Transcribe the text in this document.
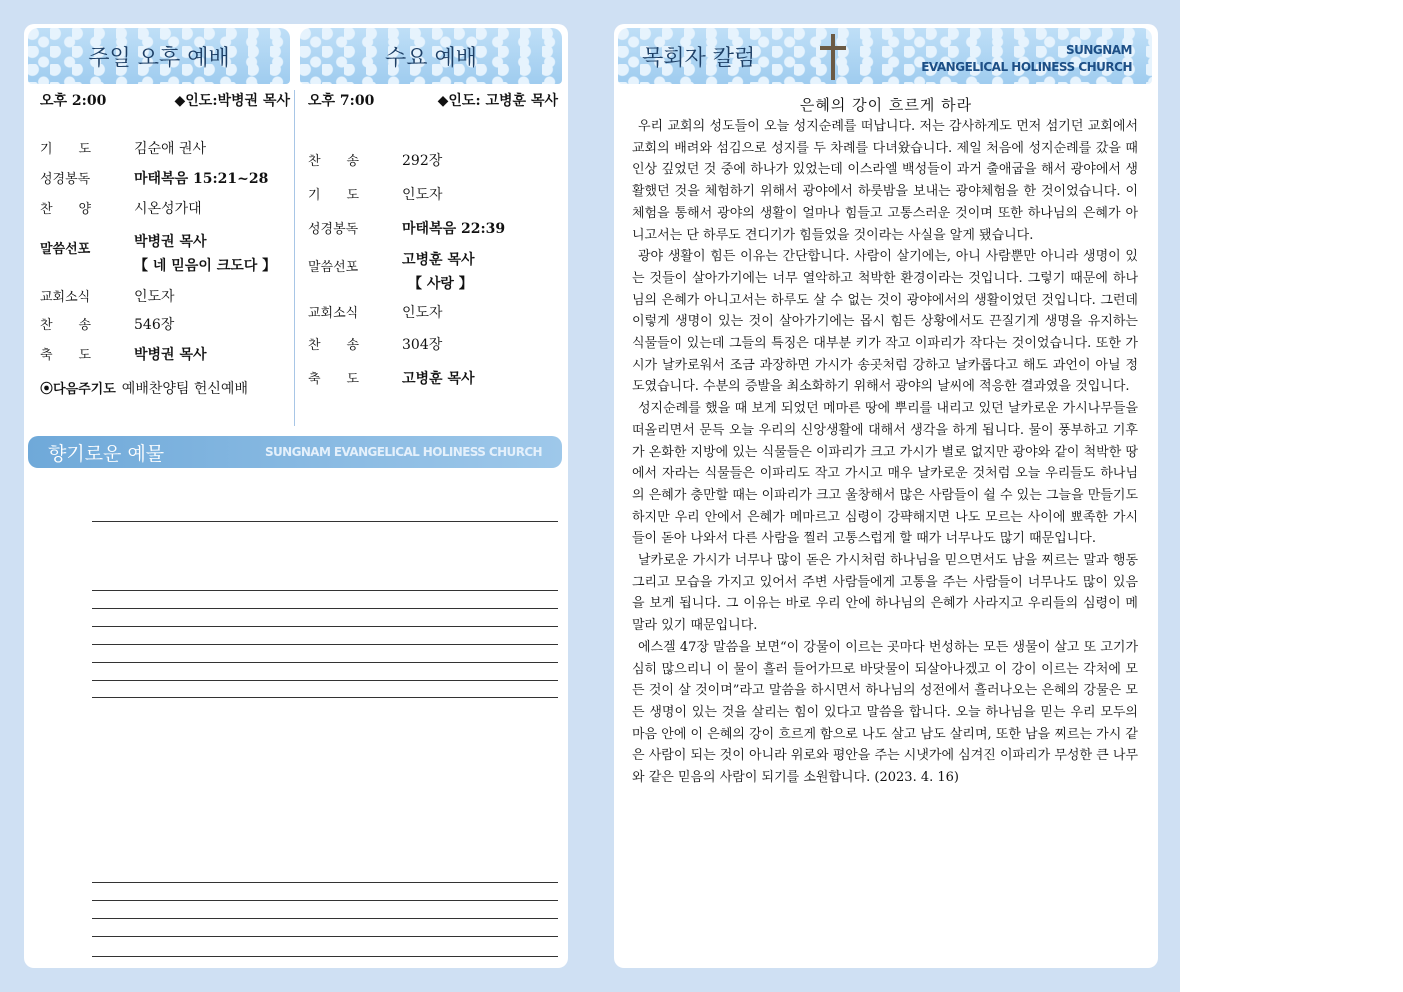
주일 오후 예배	수요 예배
오후 2:00	◆인도:박병권 목사
기　　도	김순애 권사
성경봉독	마태복음 15:21~28
찬　　양	시온성가대
말씀선포	박병권 목사
【 네 믿음이 크도다 】
교회소식	인도자
찬　　송	546장
축　　도	박병권 목사
⦿다음주기도 예배찬양팀 헌신예배
오후 7:00	◆인도: 고병훈 목사
찬　　송	292장
기　　도	인도자
성경봉독	마태복음 22:39
말씀선포	고병훈 목사
【 사랑 】
교회소식	인도자
찬　　송	304장
축　　도	고병훈 목사
향기로운 예물	SUNGNAM EVANGELICAL HOLINESS CHURCH
목회자 칼럼	SUNGNAM
EVANGELICAL HOLINESS CHURCH
은혜의 강이 흐르게 하라

우리 교회의 성도들이 오늘 성지순례를 떠납니다. 저는 감사하게도 먼저 섬기던 교회에서 교회의 배려와 섬김으로 성지를 두 차례를 다녀왔습니다. 제일 처음에 성지순례를 갔을 때 인상 깊었던 것 중에 하나가 있었는데 이스라엘 백성들이 과거 출애굽을 해서 광야에서 생활했던 것을 체험하기 위해서 광야에서 하룻밤을 보내는 광야체험을 한 것이었습니다. 이 체험을 통해서 광야의 생활이 얼마나 힘들고 고통스러운 것이며 또한 하나님의 은혜가 아니고서는 단 하루도 견디기가 힘들었을 것이라는 사실을 알게 됐습니다.

광야 생활이 힘든 이유는 간단합니다. 사람이 살기에는, 아니 사람뿐만 아니라 생명이 있는 것들이 살아가기에는 너무 열악하고 척박한 환경이라는 것입니다. 그렇기 때문에 하나님의 은혜가 아니고서는 하루도 살 수 없는 것이 광야에서의 생활이었던 것입니다. 그런데 이렇게 생명이 있는 것이 살아가기에는 몹시 힘든 상황에서도 끈질기게 생명을 유지하는 식물들이 있는데 그들의 특징은 대부분 키가 작고 이파리가 작다는 것이었습니다. 또한 가시가 날카로워서 조금 과장하면 가시가 송곳처럼 강하고 날카롭다고 해도 과언이 아닐 정도였습니다. 수분의 증발을 최소화하기 위해서 광야의 날씨에 적응한 결과였을 것입니다.

성지순례를 했을 때 보게 되었던 메마른 땅에 뿌리를 내리고 있던 날카로운 가시나무들을 떠올리면서 문득 오늘 우리의 신앙생활에 대해서 생각을 하게 됩니다. 물이 풍부하고 기후가 온화한 지방에 있는 식물들은 이파리가 크고 가시가 별로 없지만 광야와 같이 척박한 땅에서 자라는 식물들은 이파리도 작고 가시고 매우 날카로운 것처럼 오늘 우리들도 하나님의 은혜가 충만할 때는 이파리가 크고 울창해서 많은 사람들이 쉴 수 있는 그늘을 만들기도 하지만 우리 안에서 은혜가 메마르고 심령이 강퍅해지면 나도 모르는 사이에 뾰족한 가시들이 돋아 나와서 다른 사람을 찔러 고통스럽게 할 때가 너무나도 많기 때문입니다.

날카로운 가시가 너무나 많이 돋은 가시처럼 하나님을 믿으면서도 남을 찌르는 말과 행동 그리고 모습을 가지고 있어서 주변 사람들에게 고통을 주는 사람들이 너무나도 많이 있음을 보게 됩니다. 그 이유는 바로 우리 안에 하나님의 은혜가 사라지고 우리들의 심령이 메말라 있기 때문입니다.

에스겔 47장 말씀을 보면“이 강물이 이르는 곳마다 번성하는 모든 생물이 살고 또 고기가 심히 많으리니 이 물이 흘러 들어가므로 바닷물이 되살아나겠고 이 강이 이르는 각처에 모든 것이 살 것이며”라고 말씀을 하시면서 하나님의 성전에서 흘러나오는 은혜의 강물은 모든 생명이 있는 것을 살리는 힘이 있다고 말씀을 합니다. 오늘 하나님을 믿는 우리 모두의 마음 안에 이 은혜의 강이 흐르게 함으로 나도 살고 남도 살리며, 또한 남을 찌르는 가시 같은 사람이 되는 것이 아니라 위로와 평안을 주는 시냇가에 심겨진 이파리가 무성한 큰 나무와 같은 믿음의 사람이 되기를 소원합니다. (2023. 4. 16)
